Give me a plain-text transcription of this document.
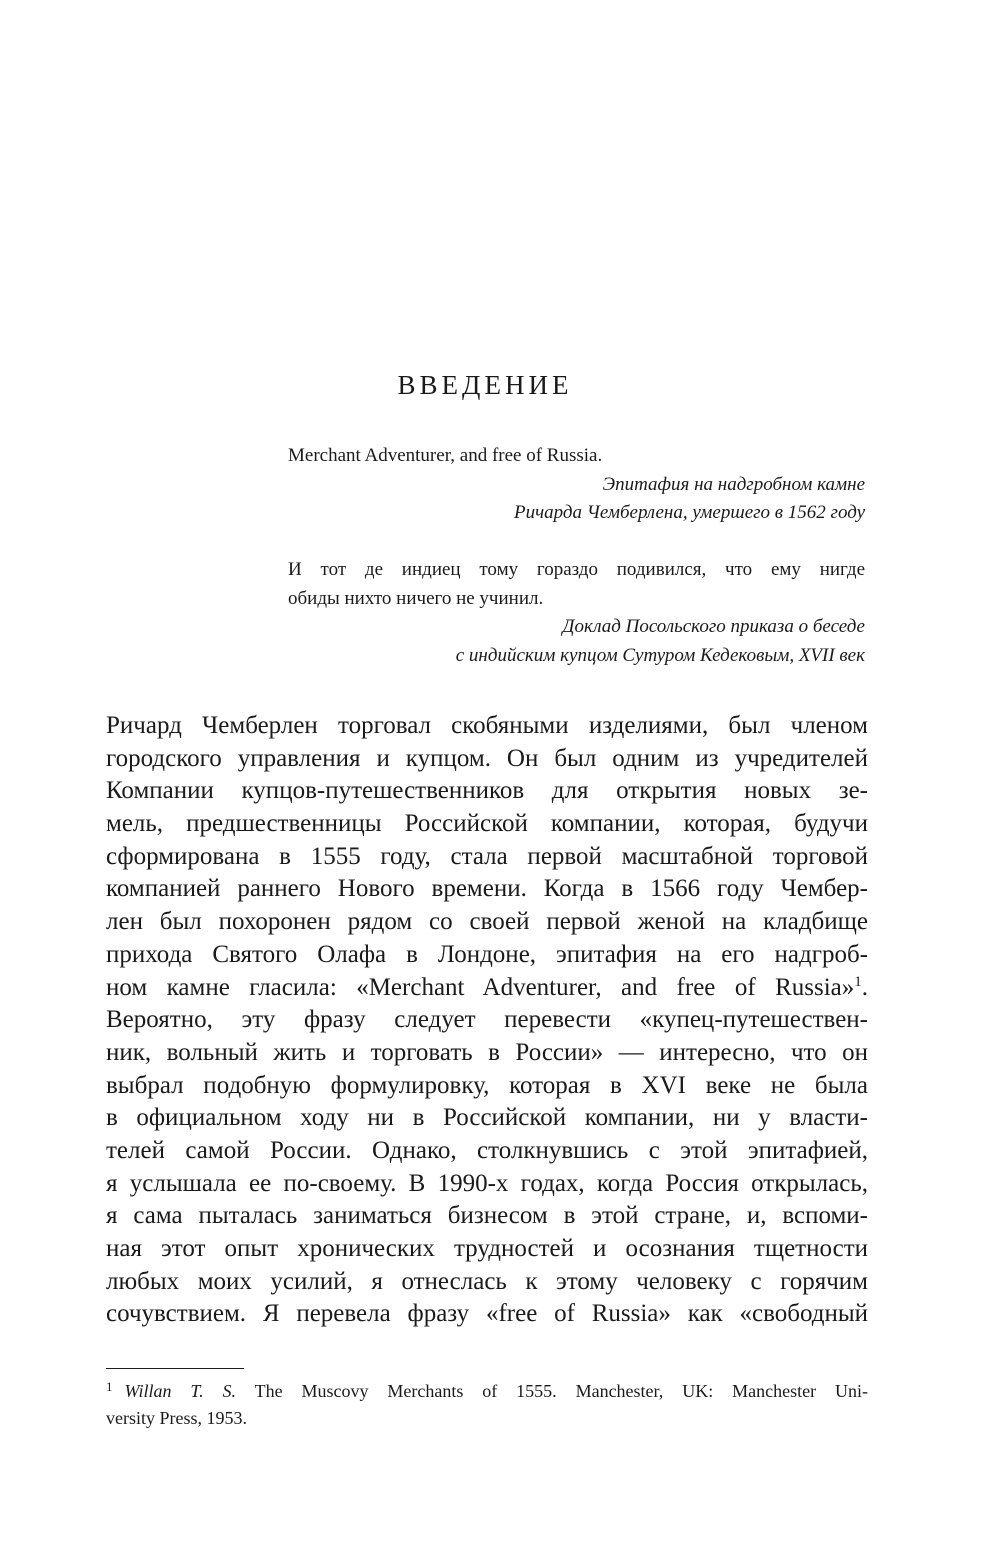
ВВЕДЕНИЕ

Merchant Adventurer, and free of Russia.

Эпитафия на надгробном камне
Ричарда Чемберлена, умершего в 1562 году

И тот де индиец тому гораздо подивился, что ему нигде

обиды нихто ничего не учинил.

Доклад Посольского приказа о беседе
с индийским купцом Сутуром Кедековым, XVII век
Ричард Чемберлен торговал скобяными изделиями, был членом
городского управления и купцом. Он был одним из учредителей
Компании купцов-путешественников для открытия новых зе-
мель, предшественницы Российской компании, которая, будучи
сформирована в 1555 году, стала первой масштабной торговой
компанией раннего Нового времени. Когда в 1566 году Чембер-
лен был похоронен рядом со своей первой женой на кладбище
прихода Святого Олафа в Лондоне, эпитафия на его надгроб-
ном камне гласила: «Merchant Adventurer, and free of Russia»$^1$.
Вероятно, эту фразу следует перевести «купец-путешествен-
ник, вольный жить и торговать в России» — интересно, что он
выбрал подобную формулировку, которая в XVI веке не была
в официальном ходу ни в Российской компании, ни у власти-
телей самой России. Однако, столкнувшись с этой эпитафией,
я услышала ее по-своему. В 1990-х годах, когда Россия открылась,
я сама пыталась заниматься бизнесом в этой стране, и, вспоми-
ная этот опыт хронических трудностей и осознания тщетности
любых моих усилий, я отнеслась к этому человеку с горячим
сочувствием. Я перевела фразу «free of Russia» как «свободный
$^1$ Willan T. S. The Muscovy Merchants of 1555. Manchester, UK: Manchester Uni-
versity Press, 1953.
